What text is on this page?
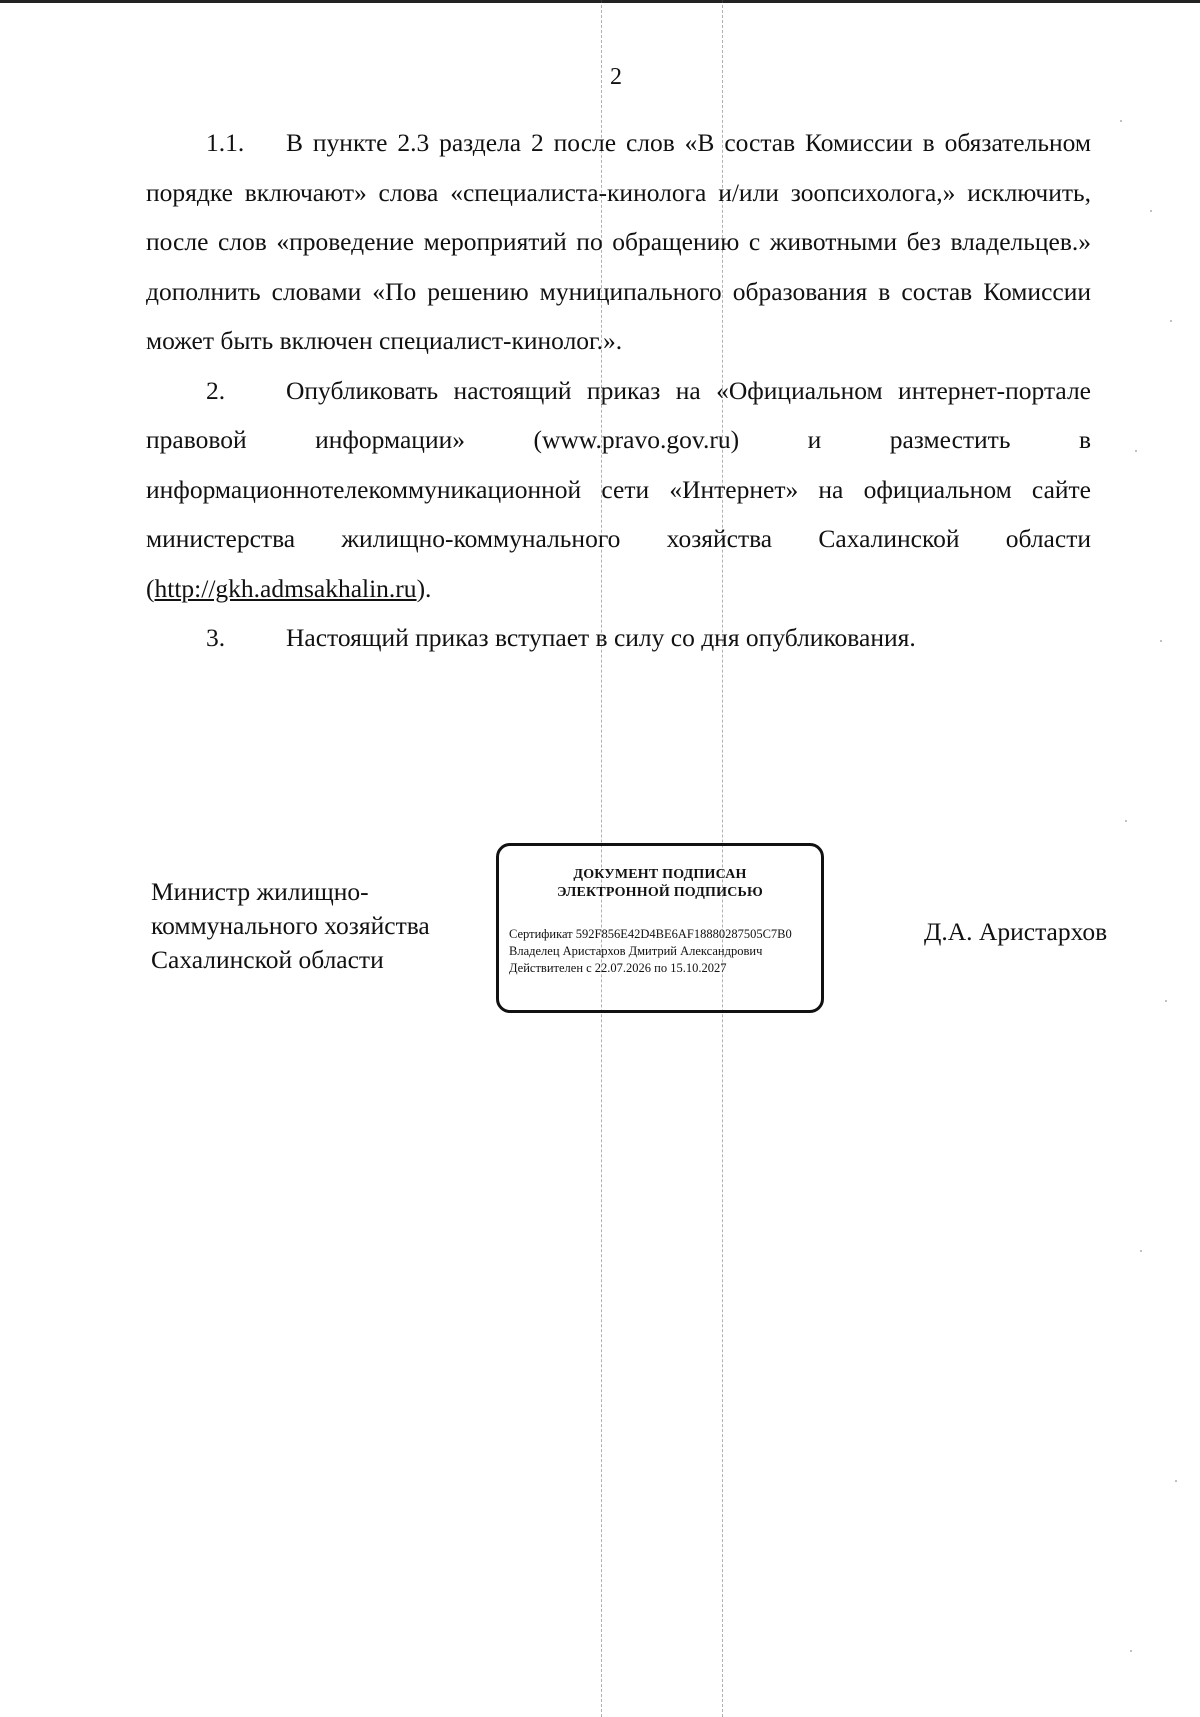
2

1.1. В пункте 2.3 раздела 2 после слов «В состав Комиссии в обязательном порядке включают» слова «специалиста-кинолога и/или зоопсихолога,» исключить, после слов «проведение мероприятий по обращению с животными без владельцев.» дополнить словами «По решению муниципального образования в состав Комиссии может быть включен специалист-кинолог.».

2. Опубликовать настоящий приказ на «Официальном интернет-портале правовой информации» (www.pravo.gov.ru) и разместить в информационнотелекоммуникационной сети «Интернет» на официальном сайте министерства жилищно-коммунального хозяйства Сахалинской области (http://gkh.admsakhalin.ru).

3. Настоящий приказ вступает в силу со дня опубликования.

Министр жилищно-
коммунального хозяйства
Сахалинской области
ДОКУМЕНТ ПОДПИСАН
ЭЛЕКТРОННОЙ ПОДПИСЬЮ
Сертификат 592F856E42D4BE6AF18880287505C7B0
Владелец Аристархов Дмитрий Александрович
Действителен с 22.07.2026 по 15.10.2027
Д.А. Аристархов
